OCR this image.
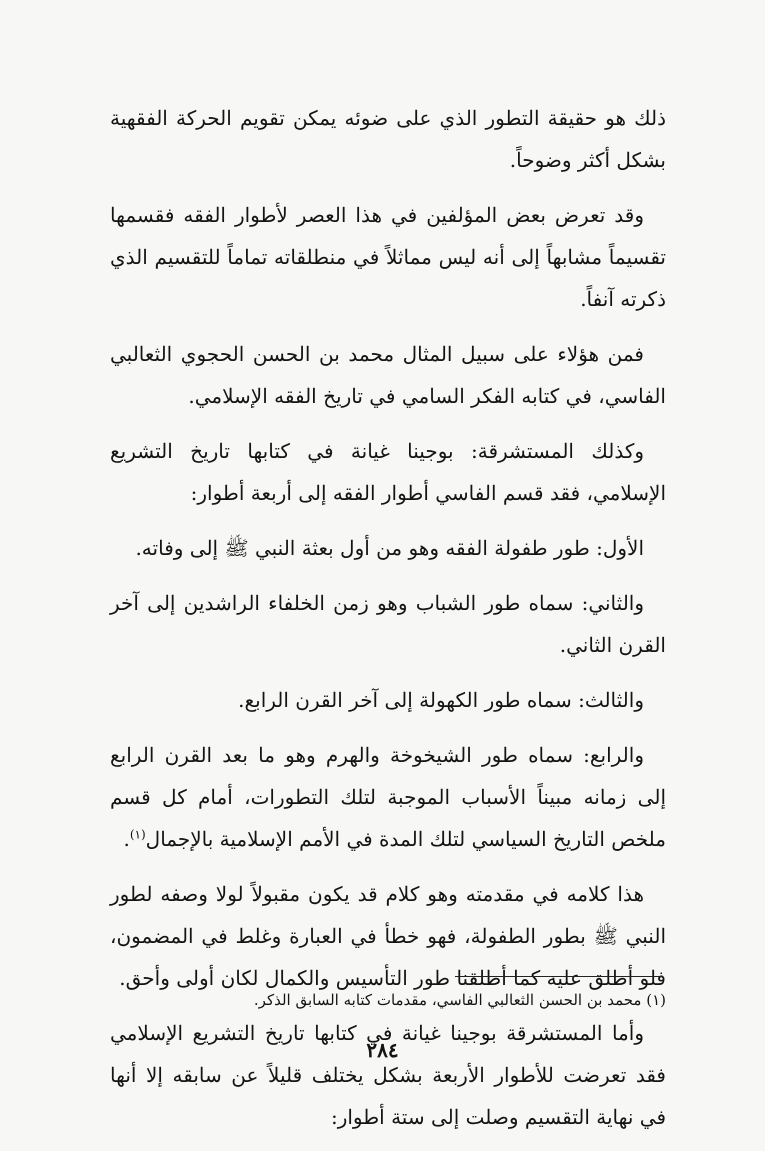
ذلك هو حقيقة التطور الذي على ضوئه يمكن تقويم الحركة الفقهية بشكل أكثر وضوحاً.

وقد تعرض بعض المؤلفين في هذا العصر لأطوار الفقه فقسمها تقسيماً مشابهاً إلى أنه ليس مماثلاً في منطلقاته تماماً للتقسيم الذي ذكرته آنفاً.

فمن هؤلاء على سبيل المثال محمد بن الحسن الحجوي الثعالبي الفاسي، في كتابه الفكر السامي في تاريخ الفقه الإسلامي.

وكذلك المستشرقة: بوجينا غيانة في كتابها تاريخ التشريع الإسلامي، فقد قسم الفاسي أطوار الفقه إلى أربعة أطوار:

الأول: طور طفولة الفقه وهو من أول بعثة النبي ﷺ إلى وفاته.

والثاني: سماه طور الشباب وهو زمن الخلفاء الراشدين إلى آخر القرن الثاني.

والثالث: سماه طور الكهولة إلى آخر القرن الرابع.

والرابع: سماه طور الشيخوخة والهرم وهو ما بعد القرن الرابع إلى زمانه مبيناً الأسباب الموجبة لتلك التطورات، أمام كل قسم ملخص التاريخ السياسي لتلك المدة في الأمم الإسلامية بالإجمال$^{(١)}$.

هذا كلامه في مقدمته وهو كلام قد يكون مقبولاً لولا وصفه لطور النبي ﷺ بطور الطفولة، فهو خطأ في العبارة وغلط في المضمون، فلو أطلق عليه كما أطلقنا طور التأسيس والكمال لكان أولى وأحق.

وأما المستشرقة بوجينا غيانة في كتابها تاريخ التشريع الإسلامي فقد تعرضت للأطوار الأربعة بشكل يختلف قليلاً عن سابقه إلا أنها في نهاية التقسيم وصلت إلى ستة أطوار:

(١) محمد بن الحسن الثعالبي الفاسي، مقدمات كتابه السابق الذكر.

٢٨٤
